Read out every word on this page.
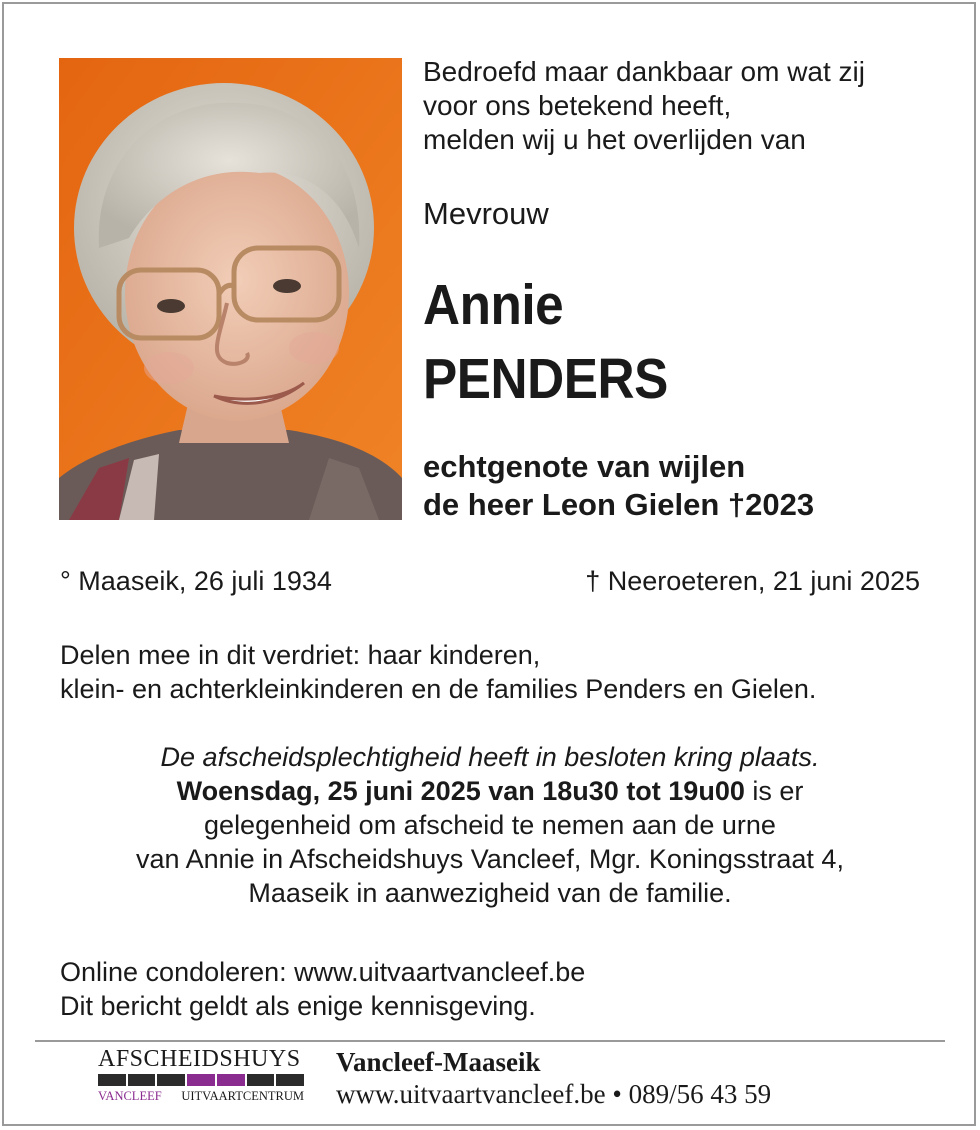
Bedroefd maar dankbaar om wat zij
voor ons betekend heeft,
melden wij u het overlijden van
Mevrouw
Annie
PENDERS
echtgenote van wijlen
de heer Leon Gielen †2023
° Maaseik, 26 juli 1934	† Neeroeteren, 21 juni 2025
Delen mee in dit verdriet: haar kinderen,
klein- en achterkleinkinderen en de families Penders en Gielen.
De afscheidsplechtigheid heeft in besloten kring plaats.
Woensdag, 25 juni 2025 van 18u30 tot 19u00 is er
gelegenheid om afscheid te nemen aan de urne
van Annie in Afscheidshuys Vancleef, Mgr. Koningsstraat 4,
Maaseik in aanwezigheid van de familie.
Online condoleren: www.uitvaartvancleef.be
Dit bericht geldt als enige kennisgeving.
AFSCHEIDSHUYS
VANCLEEF UITVAARTCENTRUM
Vancleef-Maaseik
www.uitvaartvancleef.be • 089/56 43 59
